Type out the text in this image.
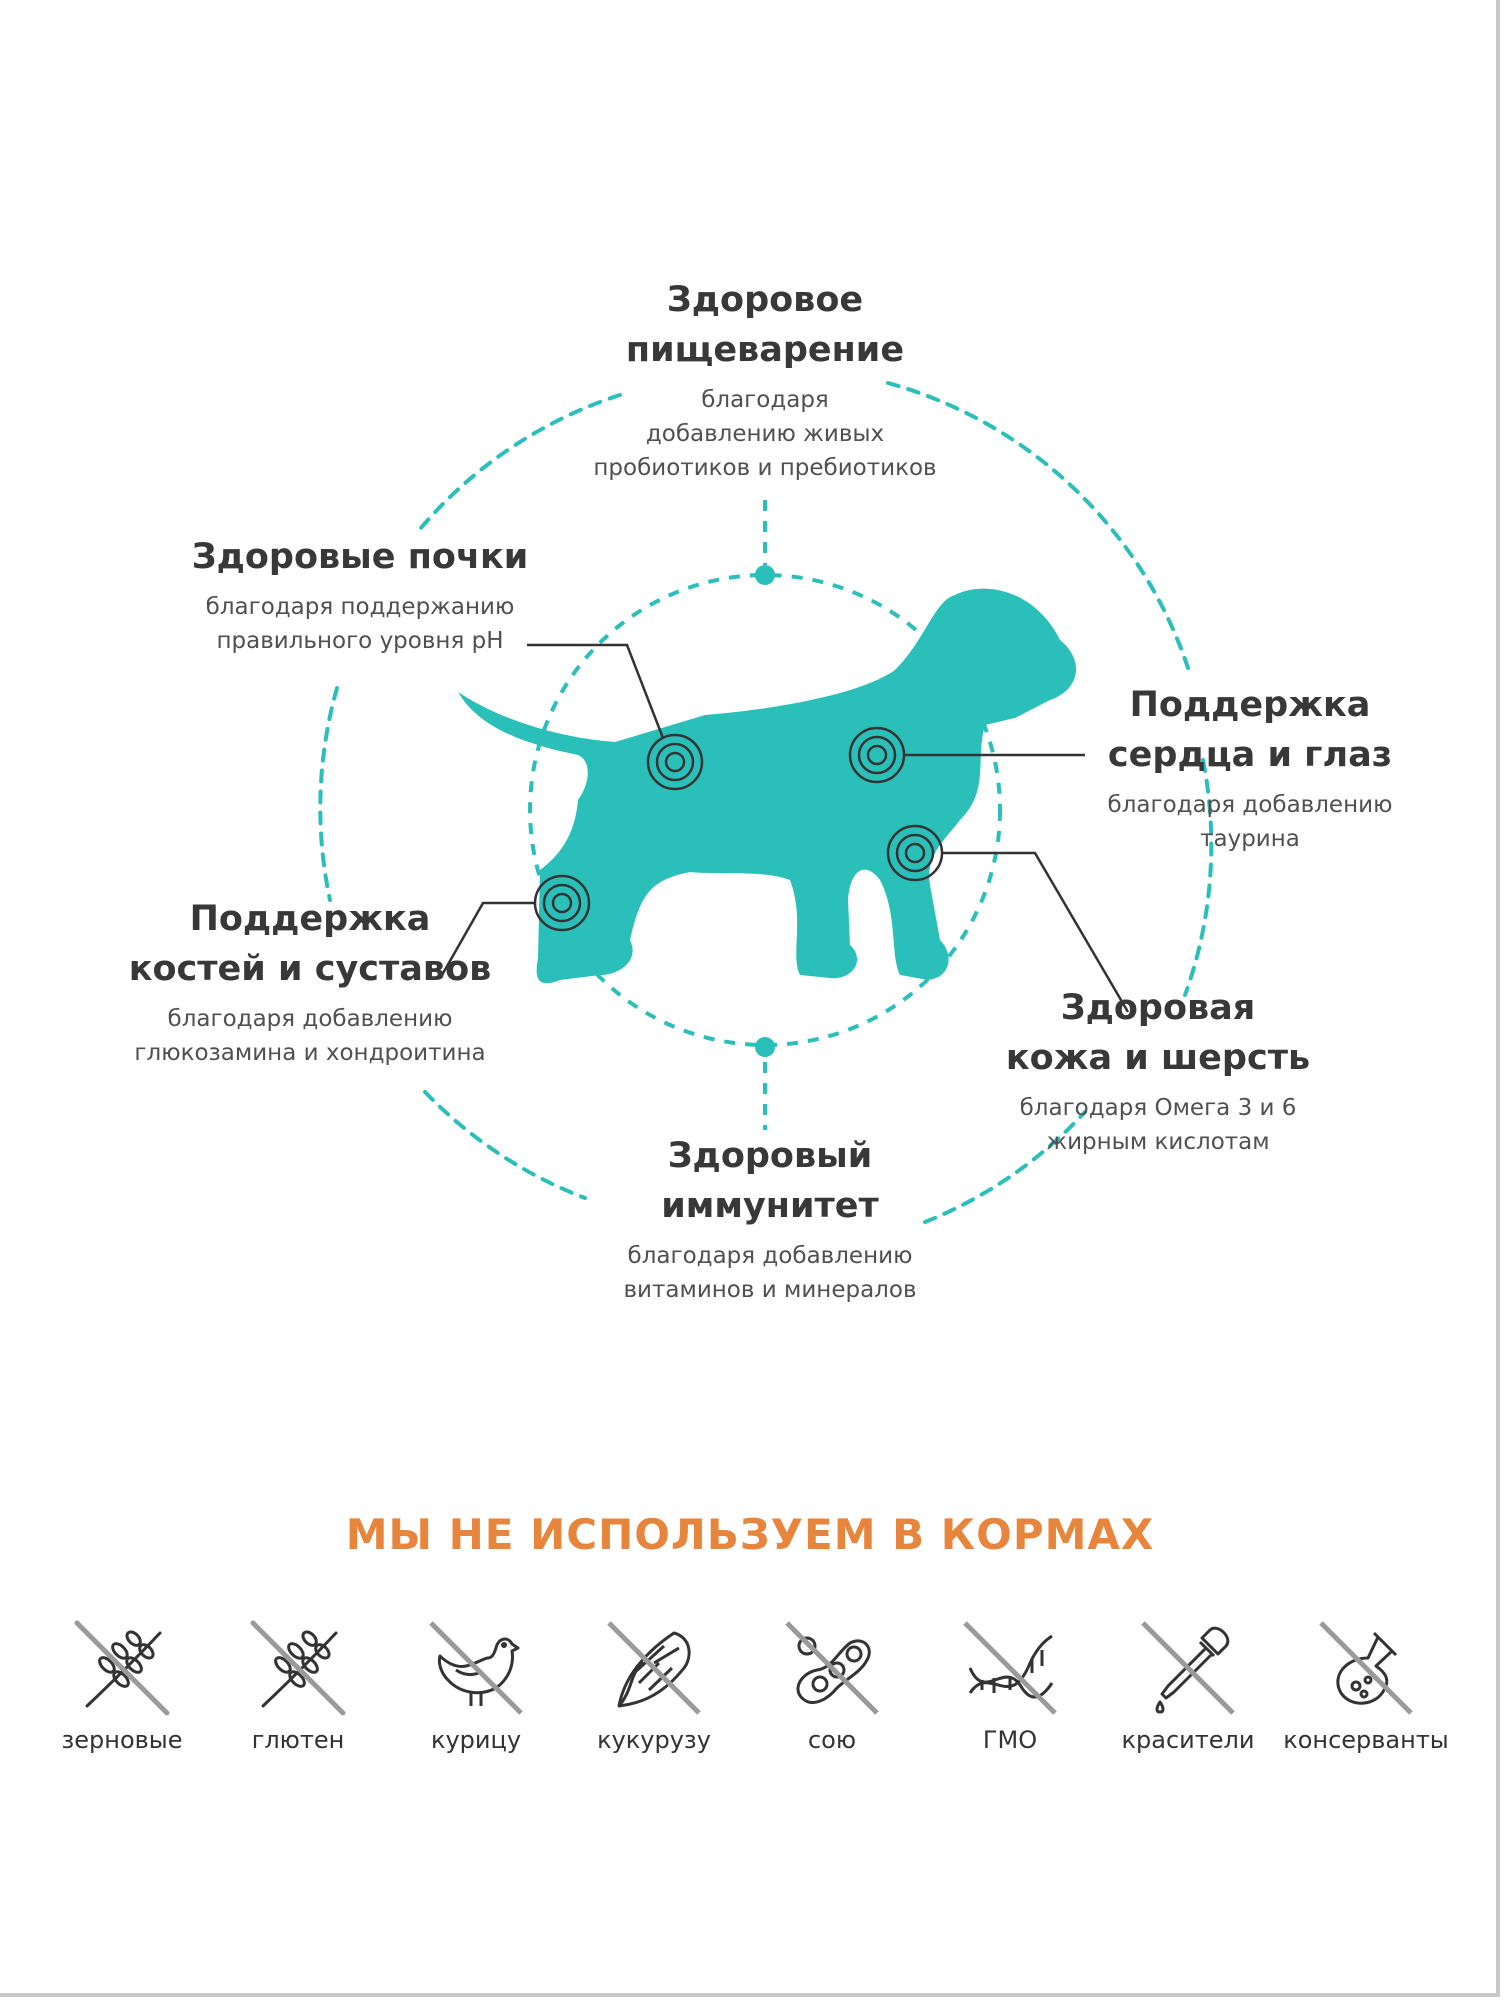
Здоровое
пищеварение
благодаря
добавлению живых
пробиотиков и пребиотиков
Здоровые почки
благодаря поддержанию
правильного уровня рН
Поддержка
сердца и глаз
благодаря добавлению
таурина
Поддержка
костей и суставов
благодаря добавлению
глюкозамина и хондроитина
Здоровая
кожа и шерсть
благодаря Омега 3 и 6
жирным кислотам
Здоровый
иммунитет
благодаря добавлению
витаминов и минералов
МЫ НЕ ИСПОЛЬЗУЕМ В КОРМАХ
зерновые	глютен	курицу	кукурузу	сою	ГМО	красители	консерванты
